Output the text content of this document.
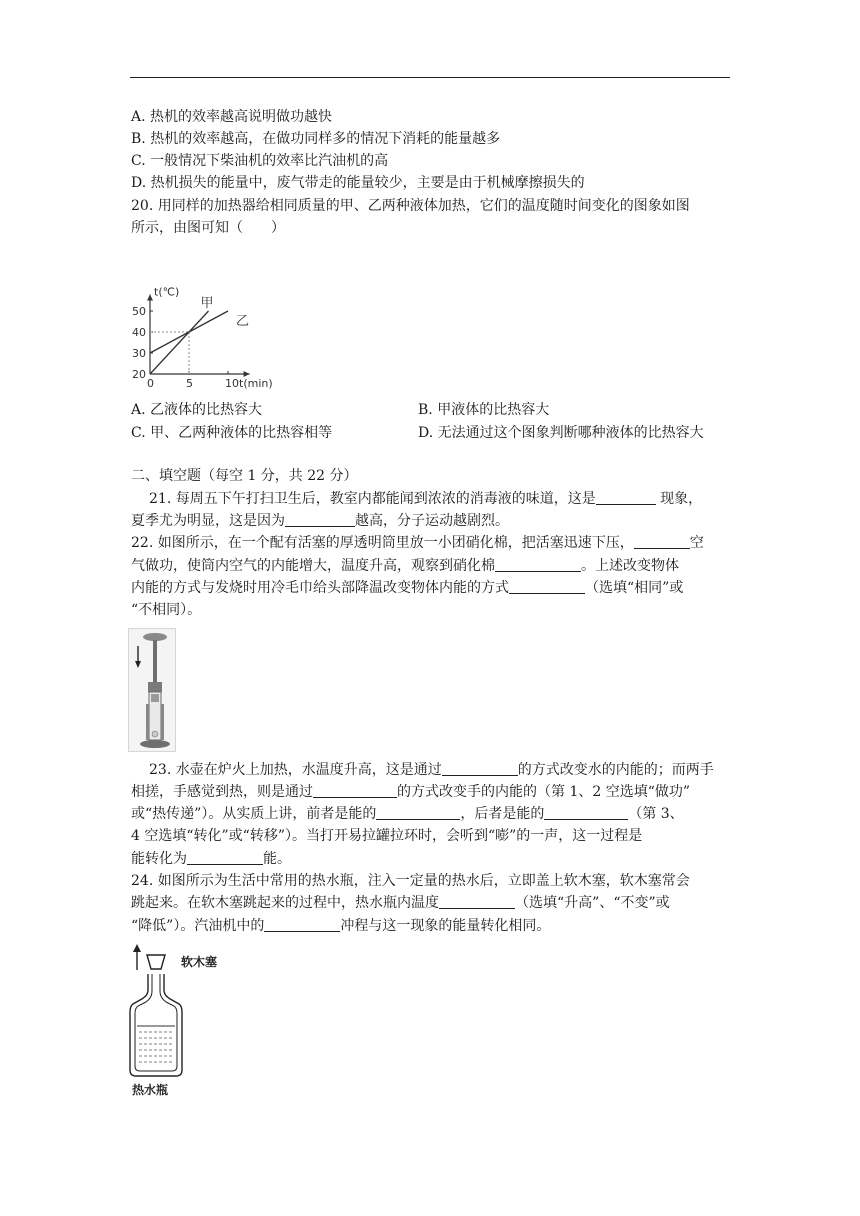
A. 热机的效率越高说明做功越快
B. 热机的效率越高，在做功同样多的情况下消耗的能量越多
C. 一般情况下柴油机的效率比汽油机的高
D. 热机损失的能量中，废气带走的能量较少，主要是由于机械摩擦损失的
20. 用同样的加热器给相同质量的甲、乙两种液体加热，它们的温度随时间变化的图象如图
所示，由图可知（　　）
t(℃)
t(min)
0	5	10
20
30
40
50
甲
乙
A. 乙液体的比热容大	B. 甲液体的比热容大
C. 甲、乙两种液体的比热容相等	D. 无法通过这个图象判断哪种液体的比热容大
二、填空题（每空 1 分，共 22 分）
21. 每周五下午打扫卫生后，教室内都能闻到浓浓的消毒液的味道，这是	现象，
夏季尤为明显，这是因为	越高，分子运动越剧烈。
22. 如图所示，在一个配有活塞的厚透明筒里放一小团硝化棉，把活塞迅速下压，	空
气做功，使筒内空气的内能增大，温度升高，观察到硝化棉	。上述改变物体
内能的方式与发烧时用冷毛巾给头部降温改变物体内能的方式	（选填“相同”或
“不相同）。
23. 水壶在炉火上加热，水温度升高，这是通过	的方式改变水的内能的；而两手
相搓，手感觉到热，则是通过	的方式改变手的内能的（第 1、2 空选填“做功”
或“热传递”）。从实质上讲，前者是能的	，后者是能的	（第 3、
4 空选填“转化”或“转移”）。当打开易拉罐拉环时，会听到“嘭”的一声，这一过程是
能转化为	能。
24. 如图所示为生活中常用的热水瓶，注入一定量的热水后，立即盖上软木塞，软木塞常会
跳起来。在软木塞跳起来的过程中，热水瓶内温度	（选填“升高”、“不变”或
“降低”）。汽油机中的	冲程与这一现象的能量转化相同。
软木塞
热水瓶
